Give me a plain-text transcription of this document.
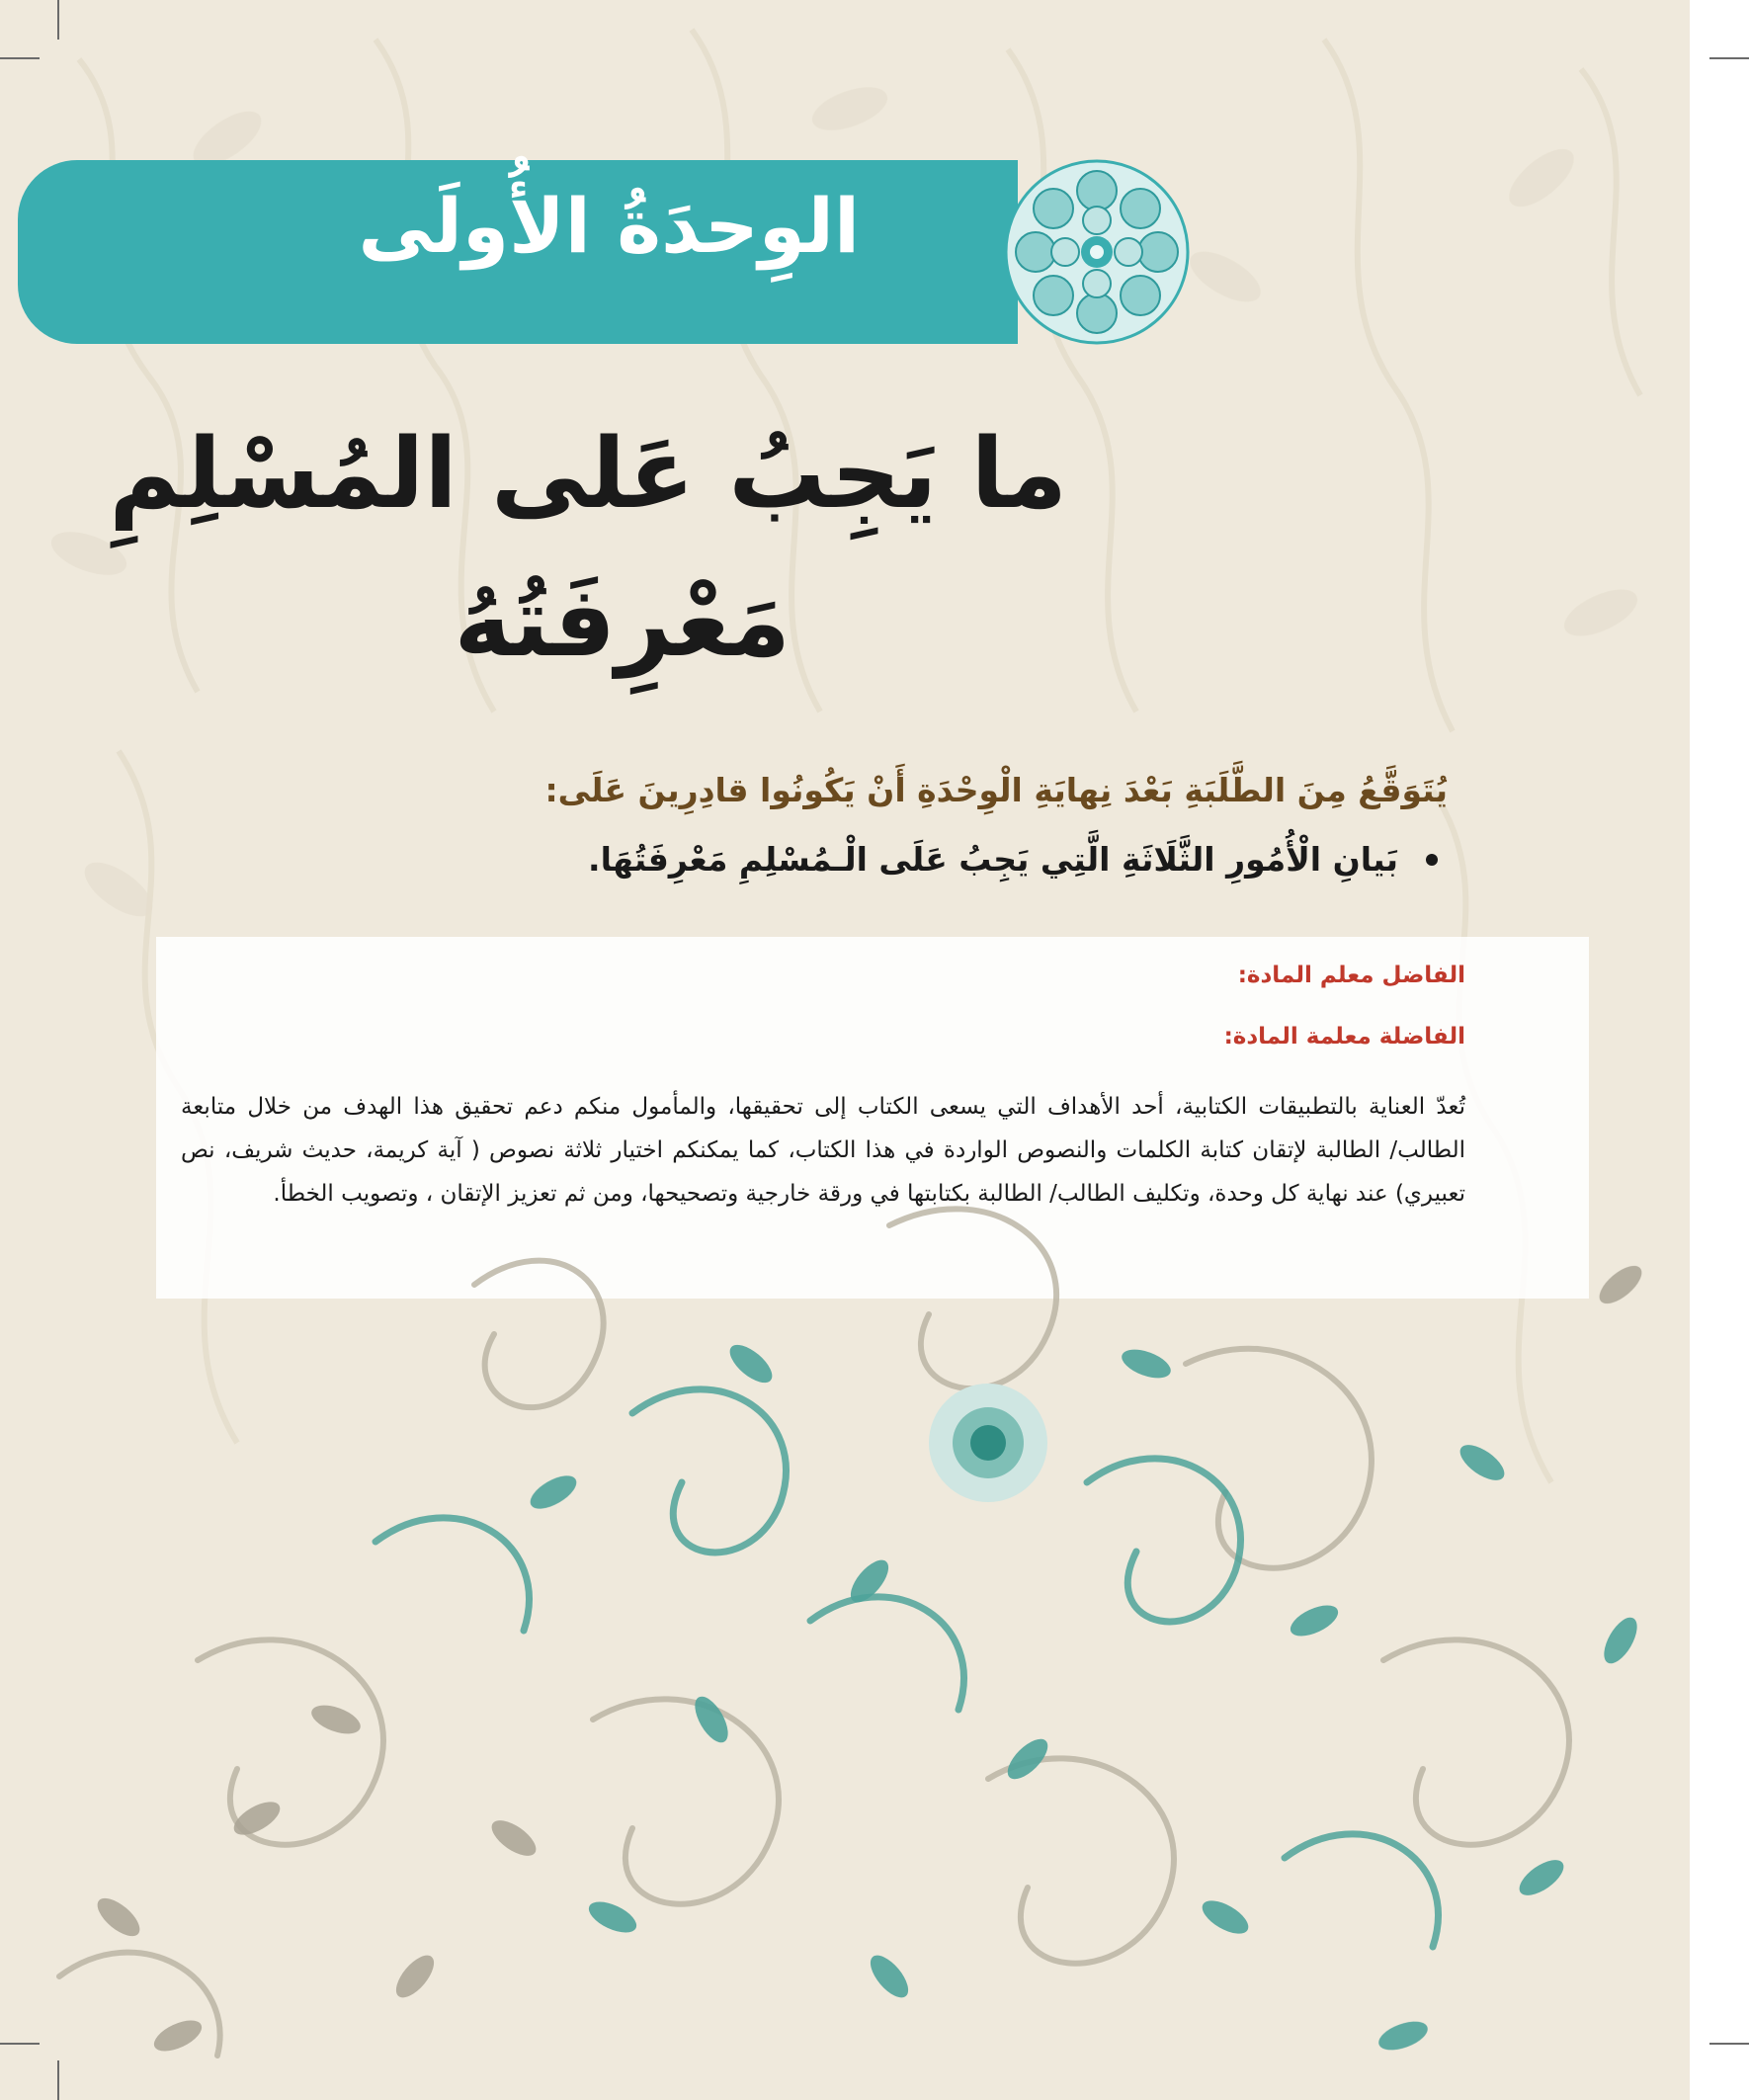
الوِحدَةُ الأُولَى
ما يَجِبُ عَلى المُسْلِمِ
مَعْرِفَتُهُ

يُتَوَقَّعُ مِنَ الطَّلَبَةِ بَعْدَ نِهايَةِ الْوِحْدَةِ أَنْ يَكُونُوا قادِرِينَ عَلَى:

بَيانِ الْأُمُورِ الثَّلَاثَةِ الَّتِي يَجِبُ عَلَى الْـمُسْلِمِ مَعْرِفَتُهَا.

الفاضل معلم المادة:

الفاضلة معلمة المادة:

تُعدّ العناية بالتطبيقات الكتابية، أحد الأهداف التي يسعى الكتاب إلى تحقيقها، والمأمول منكم دعم تحقيق هذا الهدف من خلال متابعة الطالب/ الطالبة لإتقان كتابة الكلمات والنصوص الواردة في هذا الكتاب، كما يمكنكم اختيار ثلاثة نصوص ( آية كريمة، حديث شريف، نص تعبيري) عند نهاية كل وحدة، وتكليف الطالب/ الطالبة بكتابتها في ورقة خارجية وتصحيحها، ومن ثم تعزيز الإتقان ، وتصويب الخطأ.
